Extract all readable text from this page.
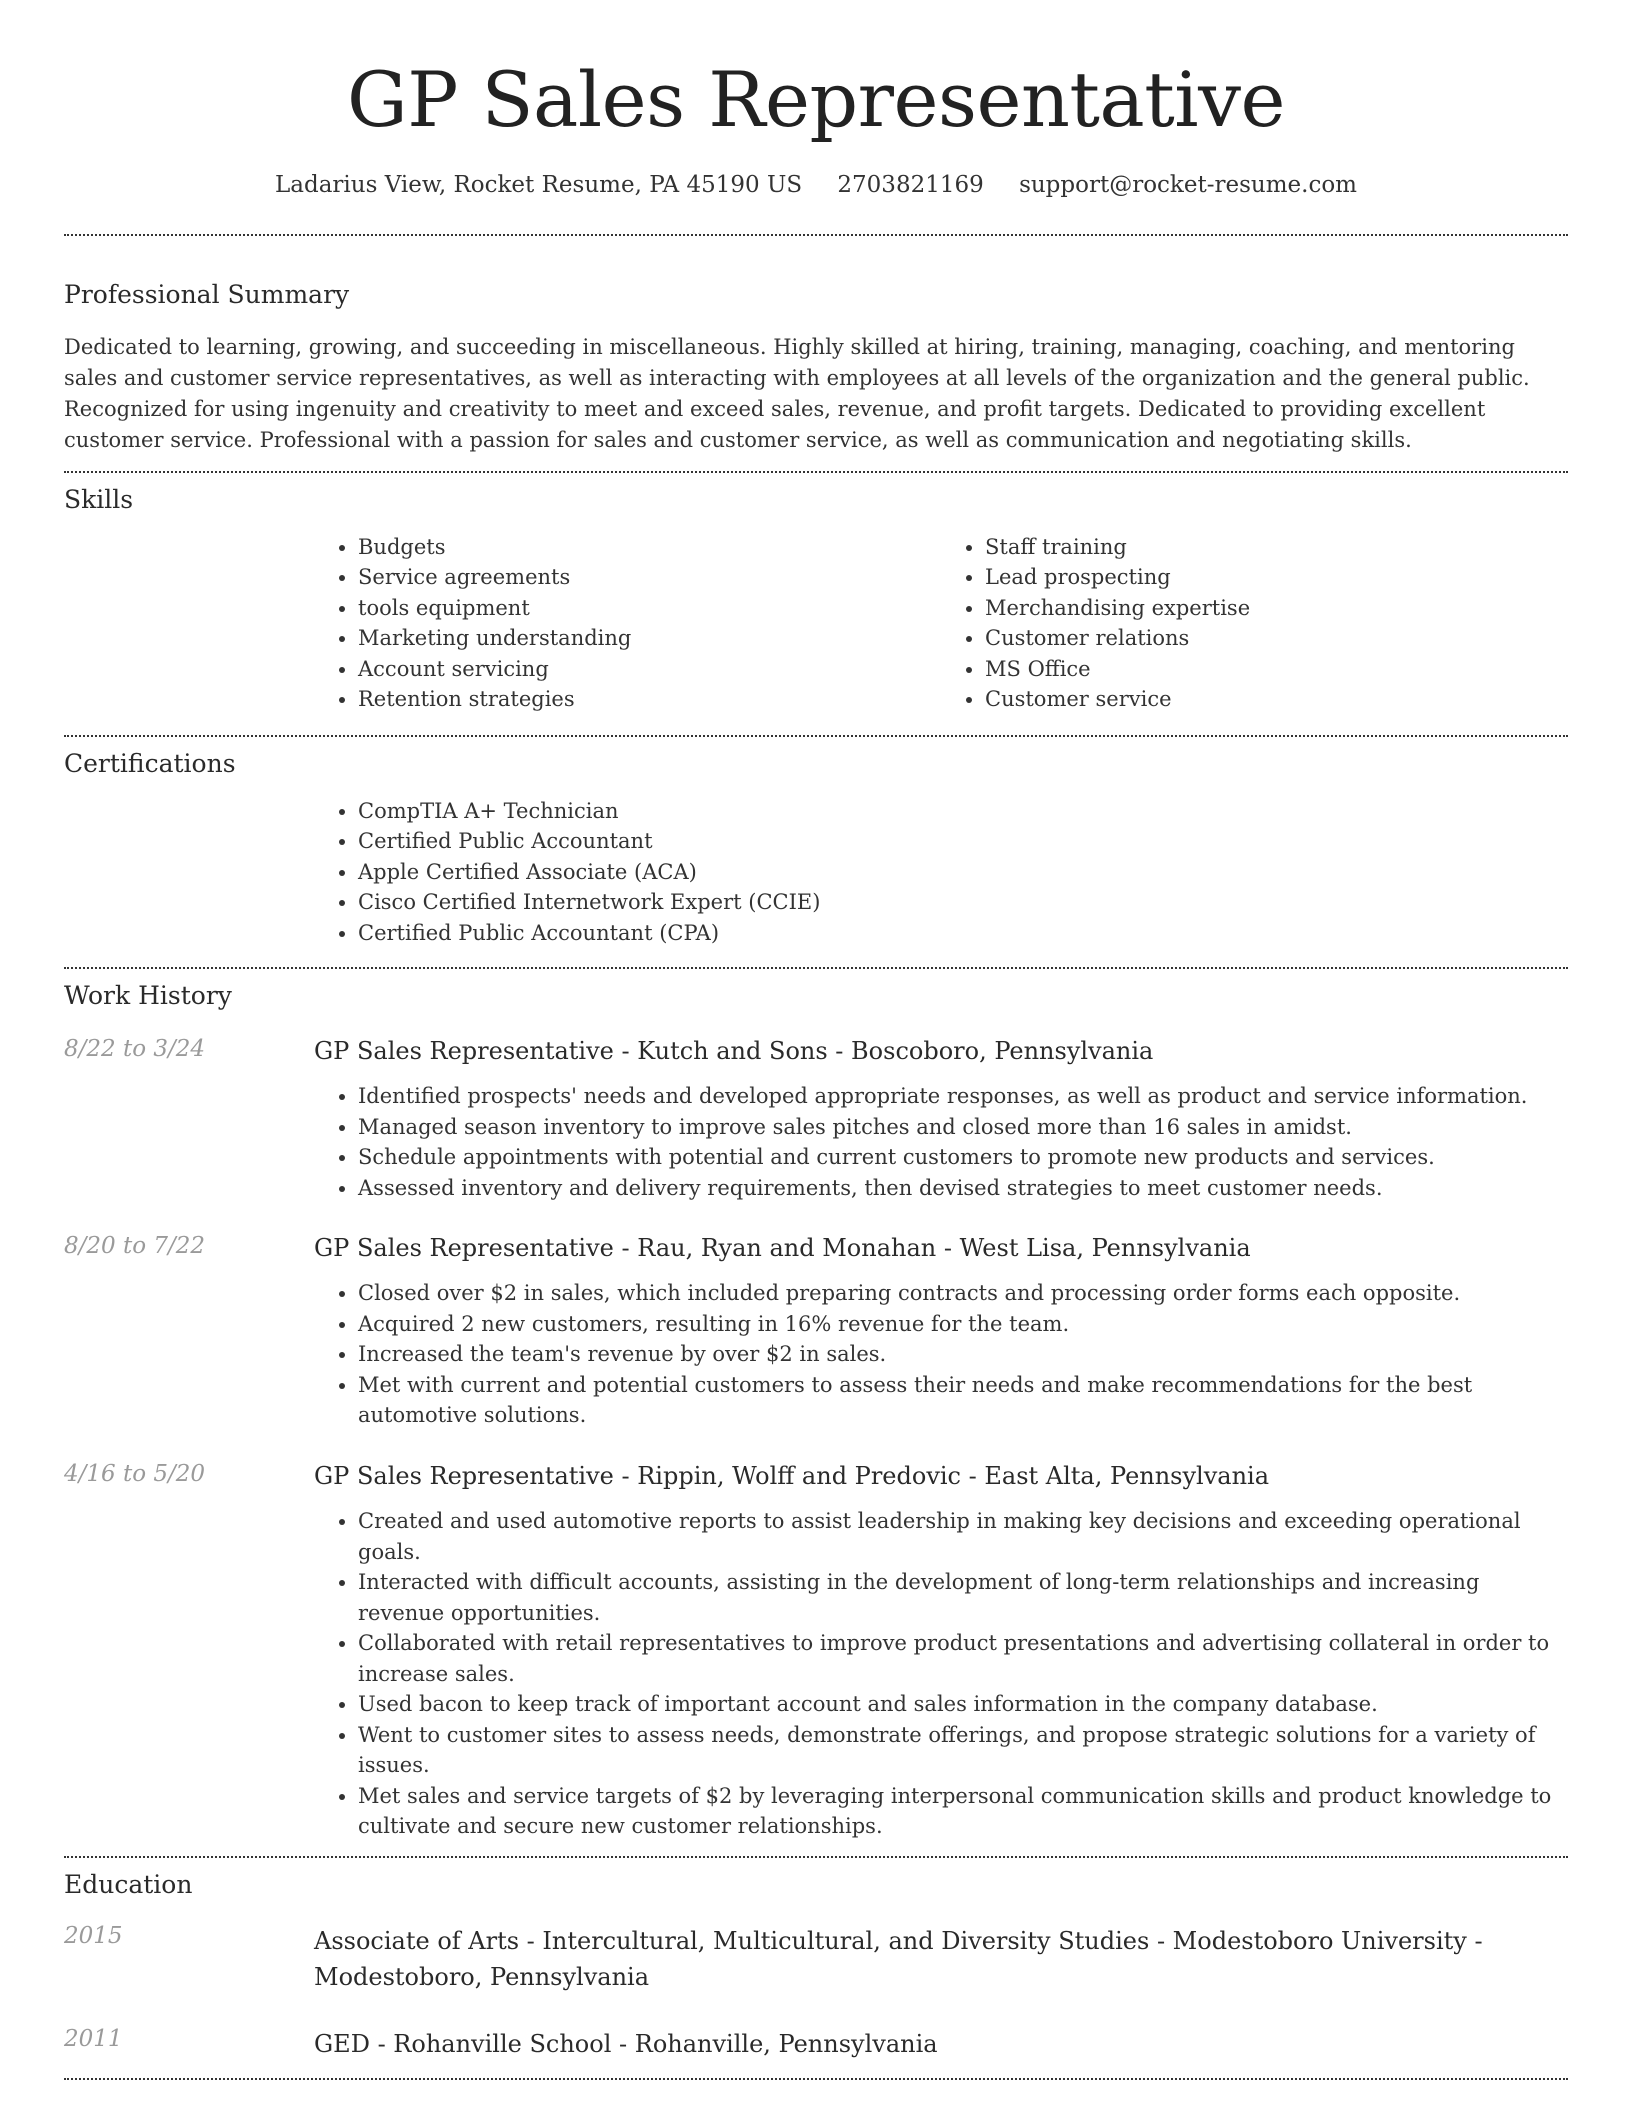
GP Sales Representative
Ladarius View, Rocket Resume, PA 45190 US 2703821169 support@rocket-resume.com
Professional Summary

Dedicated to learning, growing, and succeeding in miscellaneous. Highly skilled at hiring, training, managing, coaching, and mentoring sales and customer service representatives, as well as interacting with employees at all levels of the organization and the general public. Recognized for using ingenuity and creativity to meet and exceed sales, revenue, and profit targets. Dedicated to providing excellent customer service. Professional with a passion for sales and customer service, as well as communication and negotiating skills.

Skills
• Budgets
• Service agreements
• tools equipment
• Marketing understanding
• Account servicing
• Retention strategies
• Staff training
• Lead prospecting
• Merchandising expertise
• Customer relations
• MS Office
• Customer service
Certifications
• CompTIA A+ Technician
• Certified Public Accountant
• Apple Certified Associate (ACA)
• Cisco Certified Internetwork Expert (CCIE)
• Certified Public Accountant (CPA)
Work History
8/22 to 3/24	GP Sales Representative - Kutch and Sons - Boscoboro, Pennsylvania
• Identified prospects' needs and developed appropriate responses, as well as product and service information.
• Managed season inventory to improve sales pitches and closed more than 16 sales in amidst.
• Schedule appointments with potential and current customers to promote new products and services.
• Assessed inventory and delivery requirements, then devised strategies to meet customer needs.
8/20 to 7/22	GP Sales Representative - Rau, Ryan and Monahan - West Lisa, Pennsylvania
• Closed over $2 in sales, which included preparing contracts and processing order forms each opposite.
• Acquired 2 new customers, resulting in 16% revenue for the team.
• Increased the team's revenue by over $2 in sales.
• Met with current and potential customers to assess their needs and make recommendations for the best automotive solutions.
4/16 to 5/20	GP Sales Representative - Rippin, Wolff and Predovic - East Alta, Pennsylvania
• Created and used automotive reports to assist leadership in making key decisions and exceeding operational goals.
• Interacted with difficult accounts, assisting in the development of long-term relationships and increasing revenue opportunities.
• Collaborated with retail representatives to improve product presentations and advertising collateral in order to increase sales.
• Used bacon to keep track of important account and sales information in the company database.
• Went to customer sites to assess needs, demonstrate offerings, and propose strategic solutions for a variety of issues.
• Met sales and service targets of $2 by leveraging interpersonal communication skills and product knowledge to cultivate and secure new customer relationships.
Education
2015	Associate of Arts - Intercultural, Multicultural, and Diversity Studies - Modestoboro University - Modestoboro, Pennsylvania
2011	GED - Rohanville School - Rohanville, Pennsylvania
